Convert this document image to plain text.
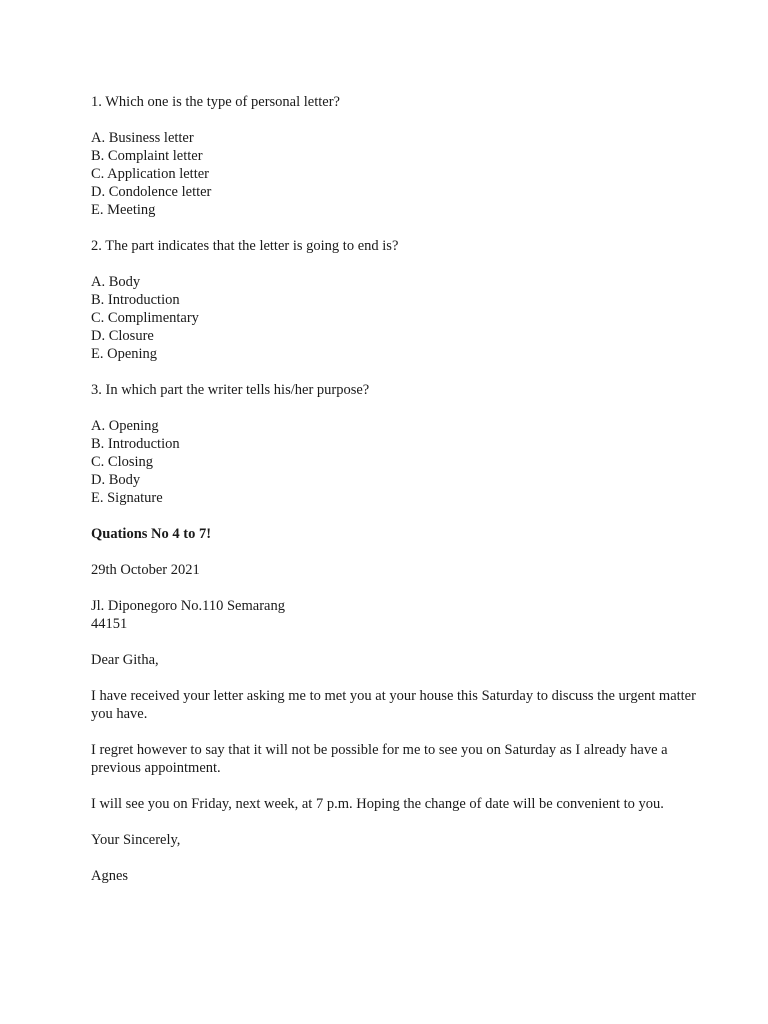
1. Which one is the type of personal letter?
A. Business letter
B. Complaint letter
C. Application letter
D. Condolence letter
E. Meeting
2. The part indicates that the letter is going to end is?
A. Body
B. Introduction
C. Complimentary
D. Closure
E. Opening
3. In which part the writer tells his/her purpose?
A. Opening
B. Introduction
C. Closing
D. Body
E. Signature
Quations No 4 to 7!
29th October 2021
Jl. Diponegoro No.110 Semarang
44151
Dear Githa,
I have received your letter asking me to met you at your house this Saturday to discuss the urgent matter you have.
I regret however to say that it will not be possible for me to see you on Saturday as I already have a previous appointment.
I will see you on Friday, next week, at 7 p.m. Hoping the change of date will be convenient to you.
Your Sincerely,
Agnes
